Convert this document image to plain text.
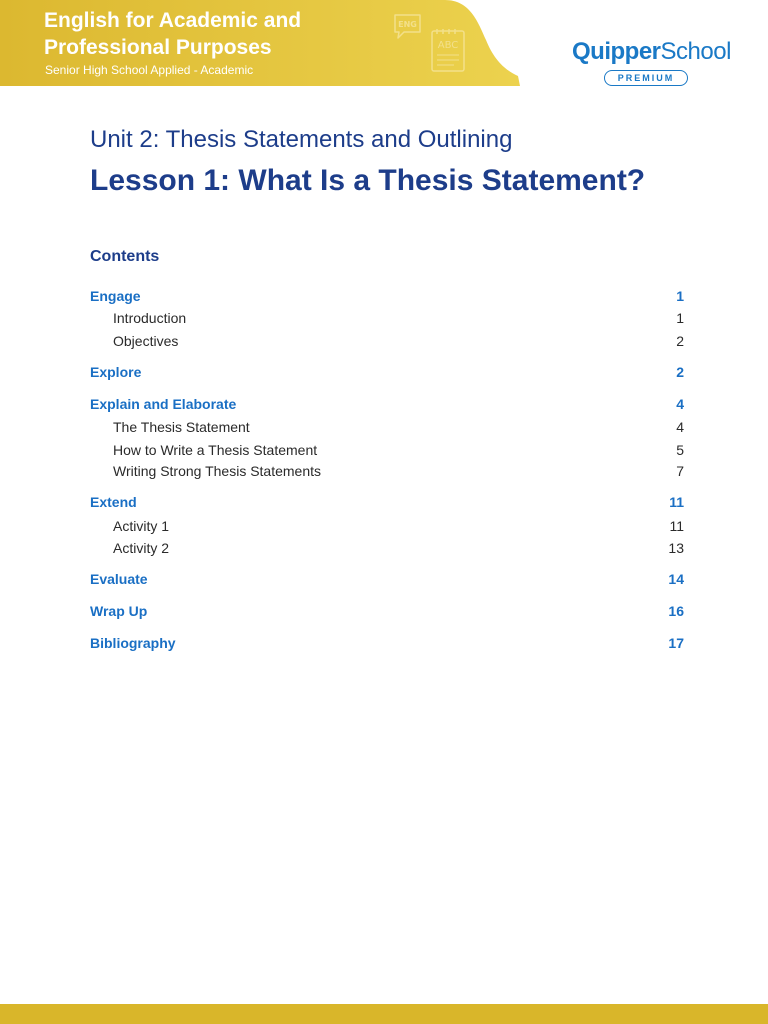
ENG
ABC
English for Academic and
Professional Purposes
Senior High School Applied - Academic
QuipperSchool
PREMIUM
Unit 2: Thesis Statements and Outlining
Lesson 1: What Is a Thesis Statement?
Contents
Engage	1
Introduction	1
Objectives	2
Explore	2
Explain and Elaborate	4
The Thesis Statement	4
How to Write a Thesis Statement	5
Writing Strong Thesis Statements	7
Extend	11
Activity 1	11
Activity 2	13
Evaluate	14
Wrap Up	16
Bibliography	17
